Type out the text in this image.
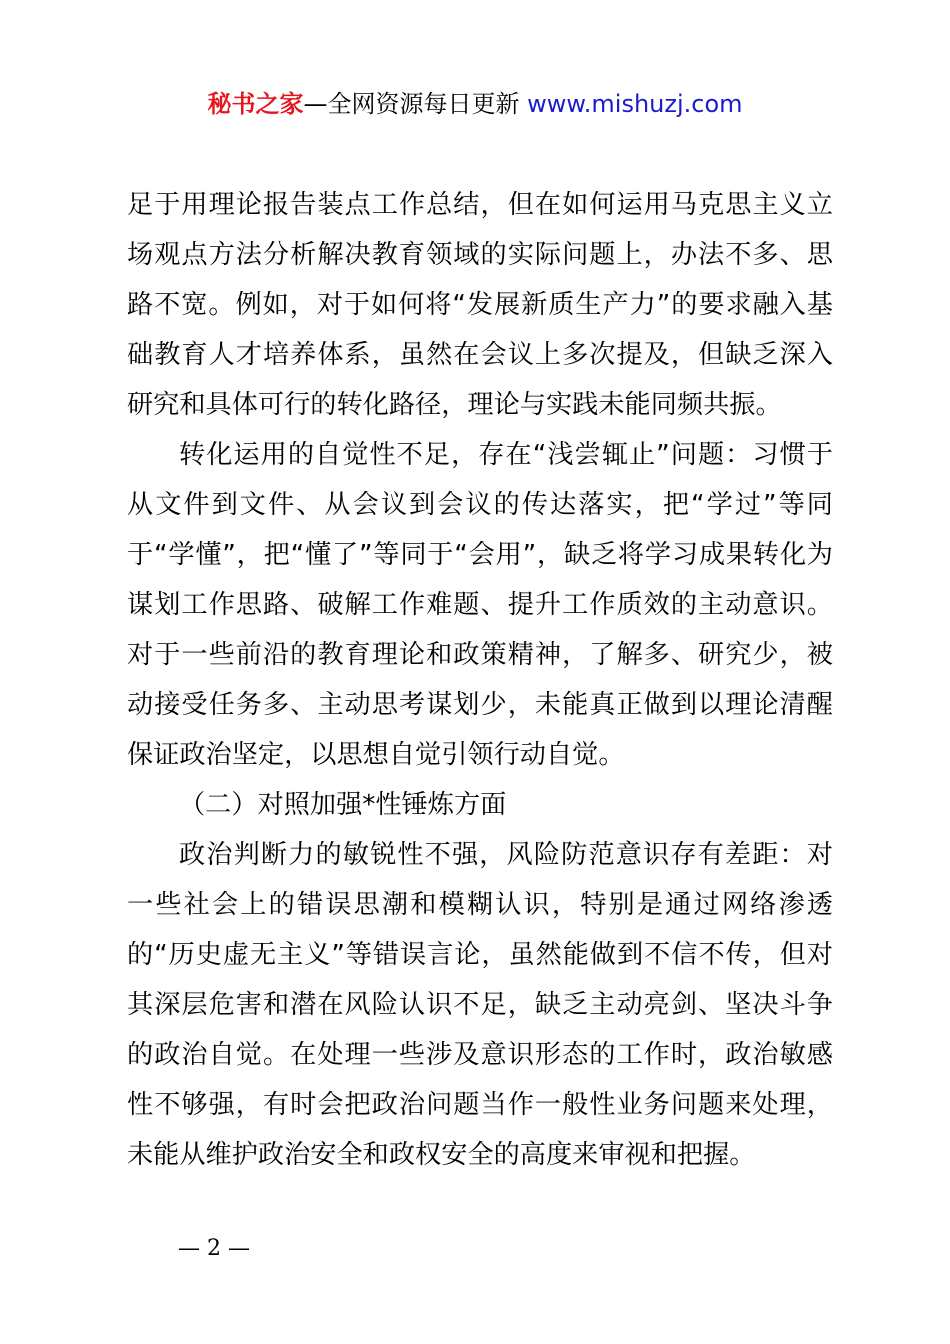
秘书之家—全网资源每日更新 www.mishuzj.com

足于用理论报告装点工作总结，但在如何运用马克思主义立场观点方法分析解决教育领域的实际问题上，办法不多、思路不宽。例如，对于如何将“发展新质生产力”的要求融入基础教育人才培养体系，虽然在会议上多次提及，但缺乏深入研究和具体可行的转化路径，理论与实践未能同频共振。

转化运用的自觉性不足，存在“浅尝辄止”问题：习惯于从文件到文件、从会议到会议的传达落实，把“学过”等同于“学懂”，把“懂了”等同于“会用”，缺乏将学习成果转化为谋划工作思路、破解工作难题、提升工作质效的主动意识。对于一些前沿的教育理论和政策精神，了解多、研究少，被动接受任务多、主动思考谋划少，未能真正做到以理论清醒保证政治坚定，以思想自觉引领行动自觉。

（二）对照加强*性锤炼方面

政治判断力的敏锐性不强，风险防范意识存有差距：对一些社会上的错误思潮和模糊认识，特别是通过网络渗透的“历史虚无主义”等错误言论，虽然能做到不信不传，但对其深层危害和潜在风险认识不足，缺乏主动亮剑、坚决斗争的政治自觉。在处理一些涉及意识形态的工作时，政治敏感性不够强，有时会把政治问题当作一般性业务问题来处理，未能从维护政治安全和政权安全的高度来审视和把握。

— 2 —
